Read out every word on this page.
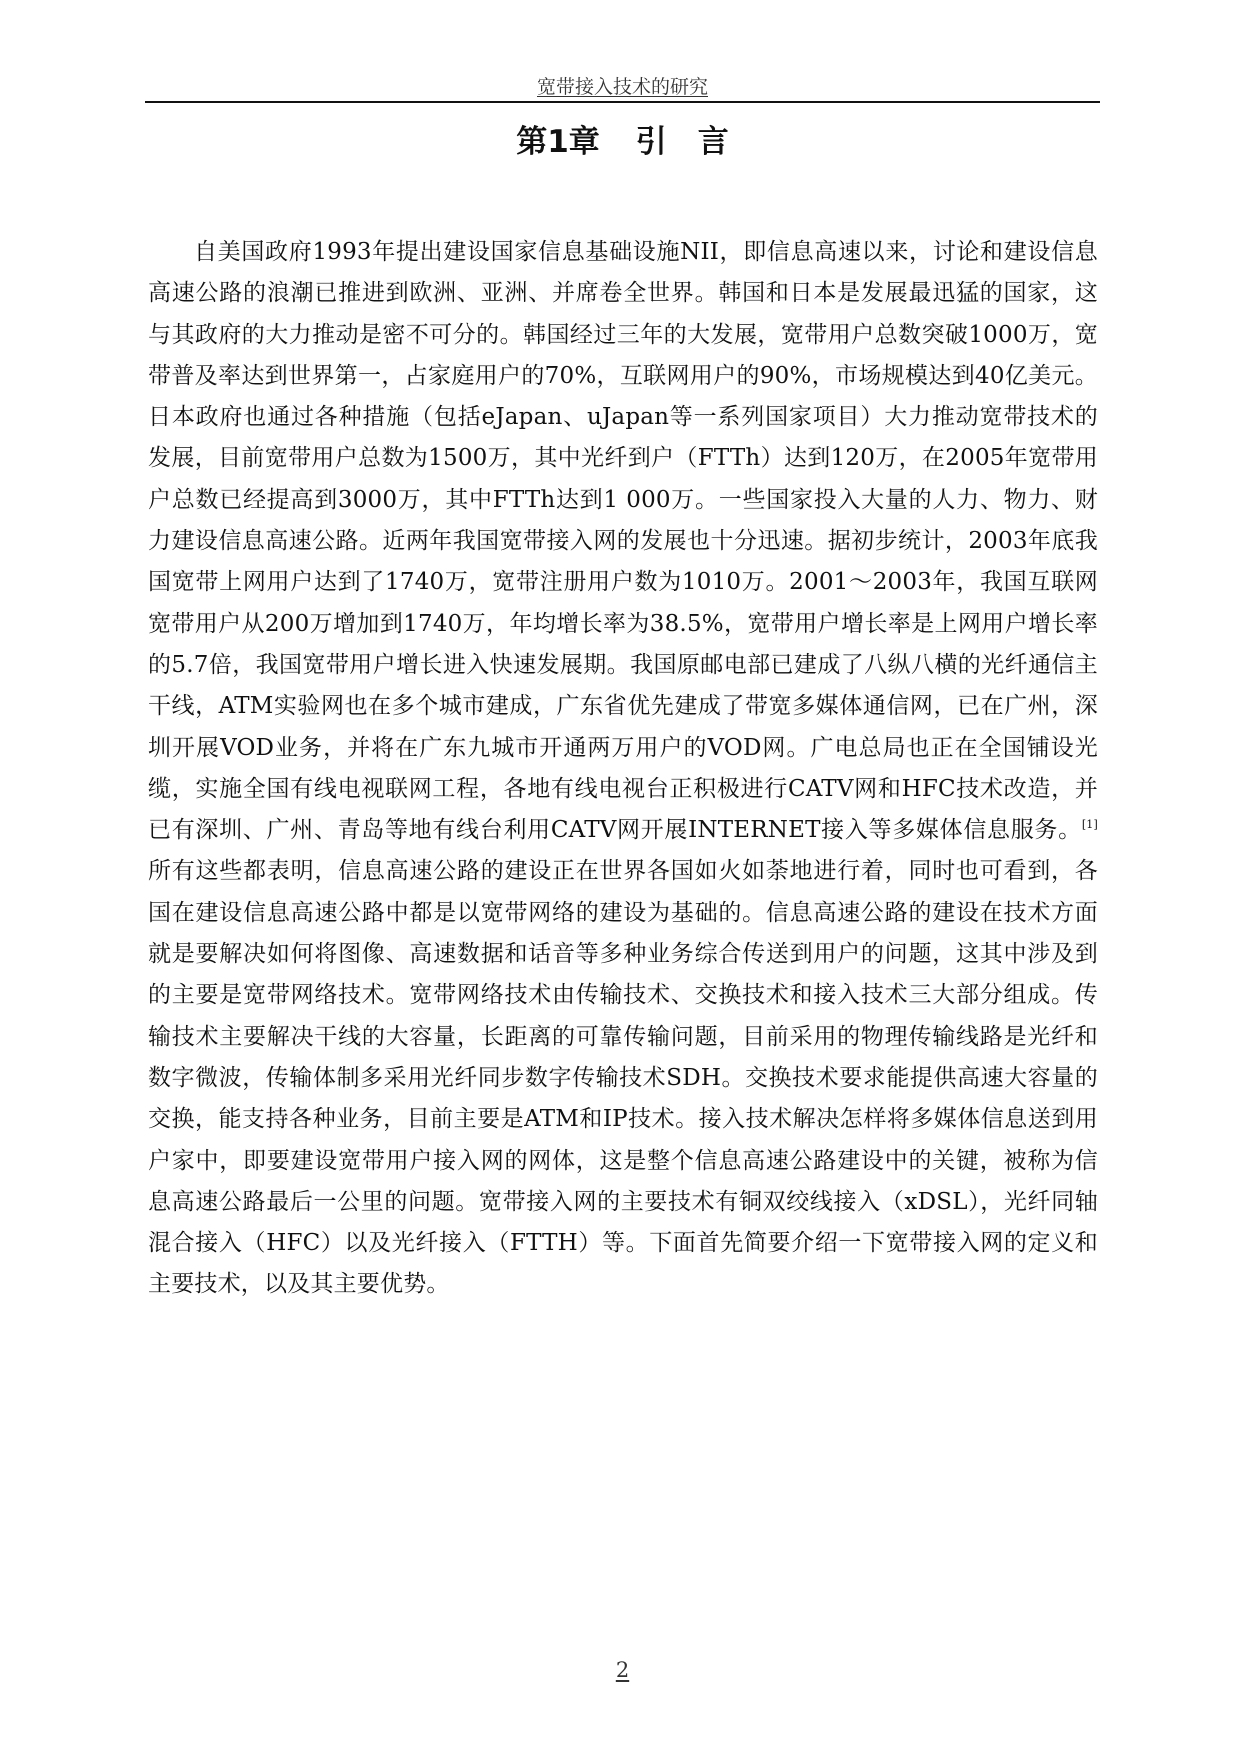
宽带接入技术的研究
第1章 引　言

自美国政府1993年提出建设国家信息基础设施NII，即信息高速以来，讨论和建设信息高速公路的浪潮已推进到欧洲、亚洲、并席卷全世界。韩国和日本是发展最迅猛的国家，这与其政府的大力推动是密不可分的。韩国经过三年的大发展，宽带用户总数突破1000万，宽带普及率达到世界第一，占家庭用户的70%，互联网用户的90%，市场规模达到40亿美元。日本政府也通过各种措施（包括eJapan、uJapan等一系列国家项目）大力推动宽带技术的发展，目前宽带用户总数为1500万，其中光纤到户（FTTh）达到120万，在2005年宽带用户总数已经提高到3000万，其中FTTh达到1 000万。一些国家投入大量的人力、物力、财力建设信息高速公路。近两年我国宽带接入网的发展也十分迅速。据初步统计，2003年底我国宽带上网用户达到了1740万，宽带注册用户数为1010万。2001～2003年，我国互联网宽带用户从200万增加到1740万，年均增长率为38.5%，宽带用户增长率是上网用户增长率的5.7倍，我国宽带用户增长进入快速发展期。我国原邮电部已建成了八纵八横的光纤通信主干线，ATM实验网也在多个城市建成，广东省优先建成了带宽多媒体通信网，已在广州，深圳开展VOD业务，并将在广东九城市开通两万用户的VOD网。广电总局也正在全国铺设光缆，实施全国有线电视联网工程，各地有线电视台正积极进行CATV网和HFC技术改造，并已有深圳、广州、青岛等地有线台利用CATV网开展INTERNET接入等多媒体信息服务。[1]所有这些都表明，信息高速公路的建设正在世界各国如火如荼地进行着，同时也可看到，各国在建设信息高速公路中都是以宽带网络的建设为基础的。信息高速公路的建设在技术方面就是要解决如何将图像、高速数据和话音等多种业务综合传送到用户的问题，这其中涉及到的主要是宽带网络技术。宽带网络技术由传输技术、交换技术和接入技术三大部分组成。传输技术主要解决干线的大容量，长距离的可靠传输问题，目前采用的物理传输线路是光纤和数字微波，传输体制多采用光纤同步数字传输技术SDH。交换技术要求能提供高速大容量的交换，能支持各种业务，目前主要是ATM和IP技术。接入技术解决怎样将多媒体信息送到用户家中，即要建设宽带用户接入网的网体，这是整个信息高速公路建设中的关键，被称为信息高速公路最后一公里的问题。宽带接入网的主要技术有铜双绞线接入（xDSL），光纤同轴混合接入（HFC）以及光纤接入（FTTH）等。下面首先简要介绍一下宽带接入网的定义和主要技术，以及其主要优势。

2
